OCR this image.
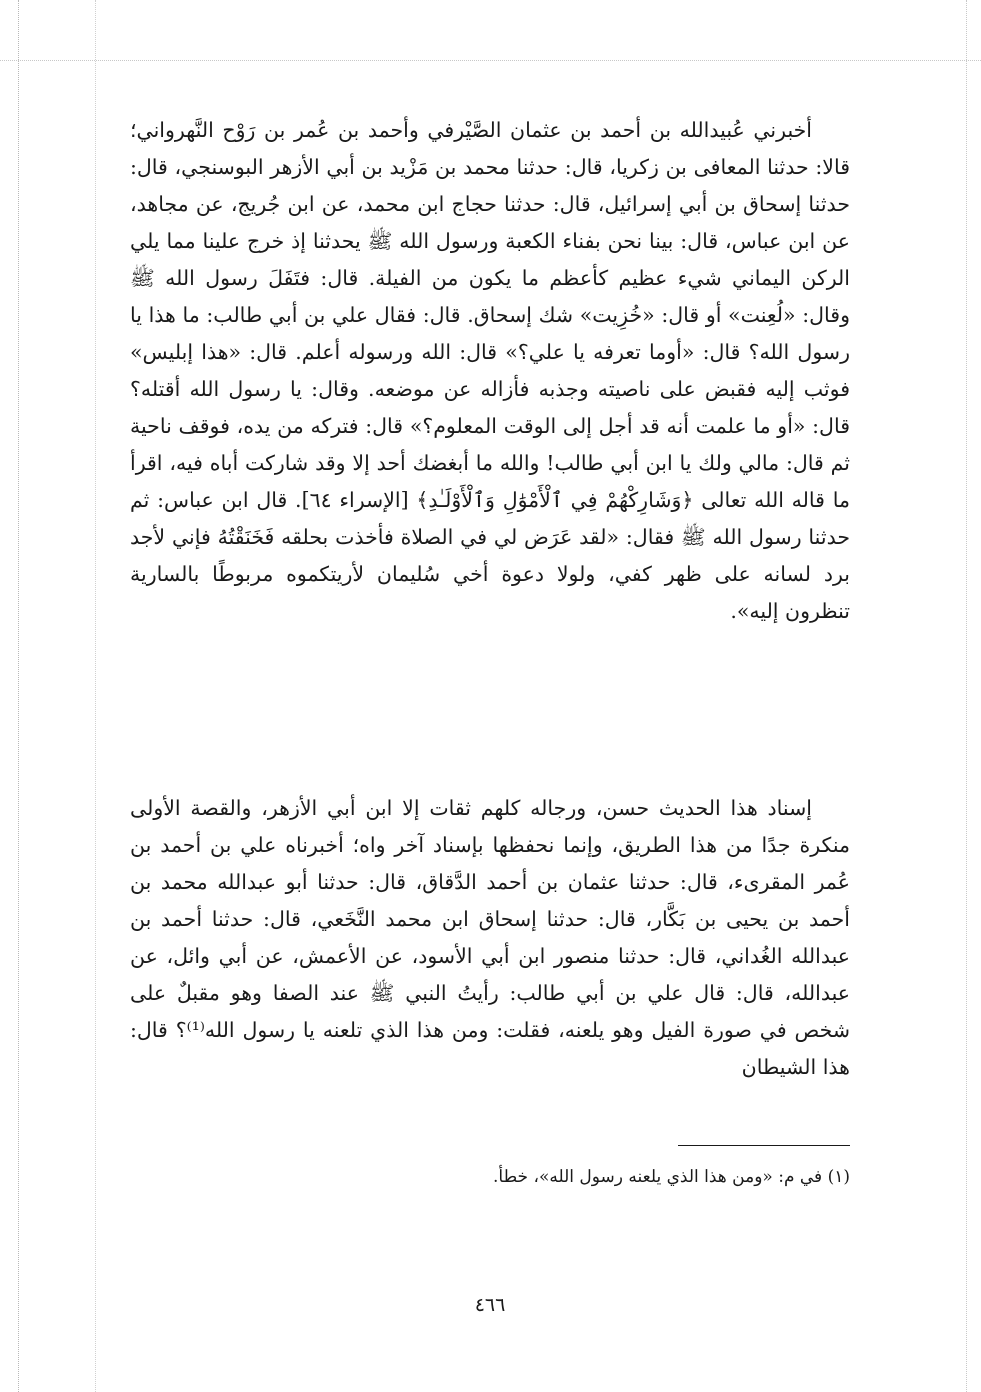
أخبرني عُبيدالله بن أحمد بن عثمان الصَّيْرفي وأحمد بن عُمر بن رَوْح النَّهرواني؛ قالا: حدثنا المعافى بن زكريا، قال: حدثنا محمد بن مَزْيد بن أبي الأزهر البوسنجي، قال: حدثنا إسحاق بن أبي إسرائيل، قال: حدثنا حجاج ابن محمد، عن ابن جُريج، عن مجاهد، عن ابن عباس، قال: بينا نحن بفناء الكعبة ورسول الله ﷺ يحدثنا إذ خرج علينا مما يلي الركن اليماني شيء عظيم كأعظم ما يكون من الفيلة. قال: فتَفَلَ رسول الله ﷺ وقال: «لُعِنت» أو قال: «خُزِيت» شك إسحاق. قال: فقال علي بن أبي طالب: ما هذا يا رسول الله؟ قال: «أوما تعرفه يا علي؟» قال: الله ورسوله أعلم. قال: «هذا إبليس» فوثب إليه فقبض على ناصيته وجذبه فأزاله عن موضعه. وقال: يا رسول الله أقتله؟ قال: «أو ما علمت أنه قد أجل إلى الوقت المعلوم؟» قال: فتركه من يده، فوقف ناحية ثم قال: مالي ولك يا ابن أبي طالب! والله ما أبغضك أحد إلا وقد شاركت أباه فيه، اقرأ ما قاله الله تعالى ﴿وَشَارِكْهُمْ فِي ٱلْأَمْوَٰلِ وَٱلْأَوْلَـٰدِ﴾ [الإسراء ٦٤]. قال ابن عباس: ثم حدثنا رسول الله ﷺ فقال: «لقد عَرَض لي في الصلاة فأخذت بحلقه فَخَنَقْتُهُ فإني لأجد برد لسانه على ظهر كفي، ولولا دعوة أخي سُليمان لأريتكموه مربوطًا بالسارية تنظرون إليه».

إسناد هذا الحديث حسن، ورجاله كلهم ثقات إلا ابن أبي الأزهر، والقصة الأولى منكرة جدًا من هذا الطريق، وإنما نحفظها بإسناد آخر واه؛ أخبرناه علي بن أحمد بن عُمر المقرىء، قال: حدثنا عثمان بن أحمد الدَّقاق، قال: حدثنا أبو عبدالله محمد بن أحمد بن يحيى بن بَكَّار، قال: حدثنا إسحاق ابن محمد النَّخَعي، قال: حدثنا أحمد بن عبدالله الغُداني، قال: حدثنا منصور ابن أبي الأسود، عن الأعمش، عن أبي وائل، عن عبدالله، قال: قال علي بن أبي طالب: رأيتُ النبي ﷺ عند الصفا وهو مقبلٌ على شخص في صورة الفيل وهو يلعنه، فقلت: ومن هذا الذي تلعنه يا رسول الله⁽¹⁾؟ قال: هذا الشيطان

(١) في م: «ومن هذا الذي يلعنه رسول الله»، خطأ.
٤٦٦
